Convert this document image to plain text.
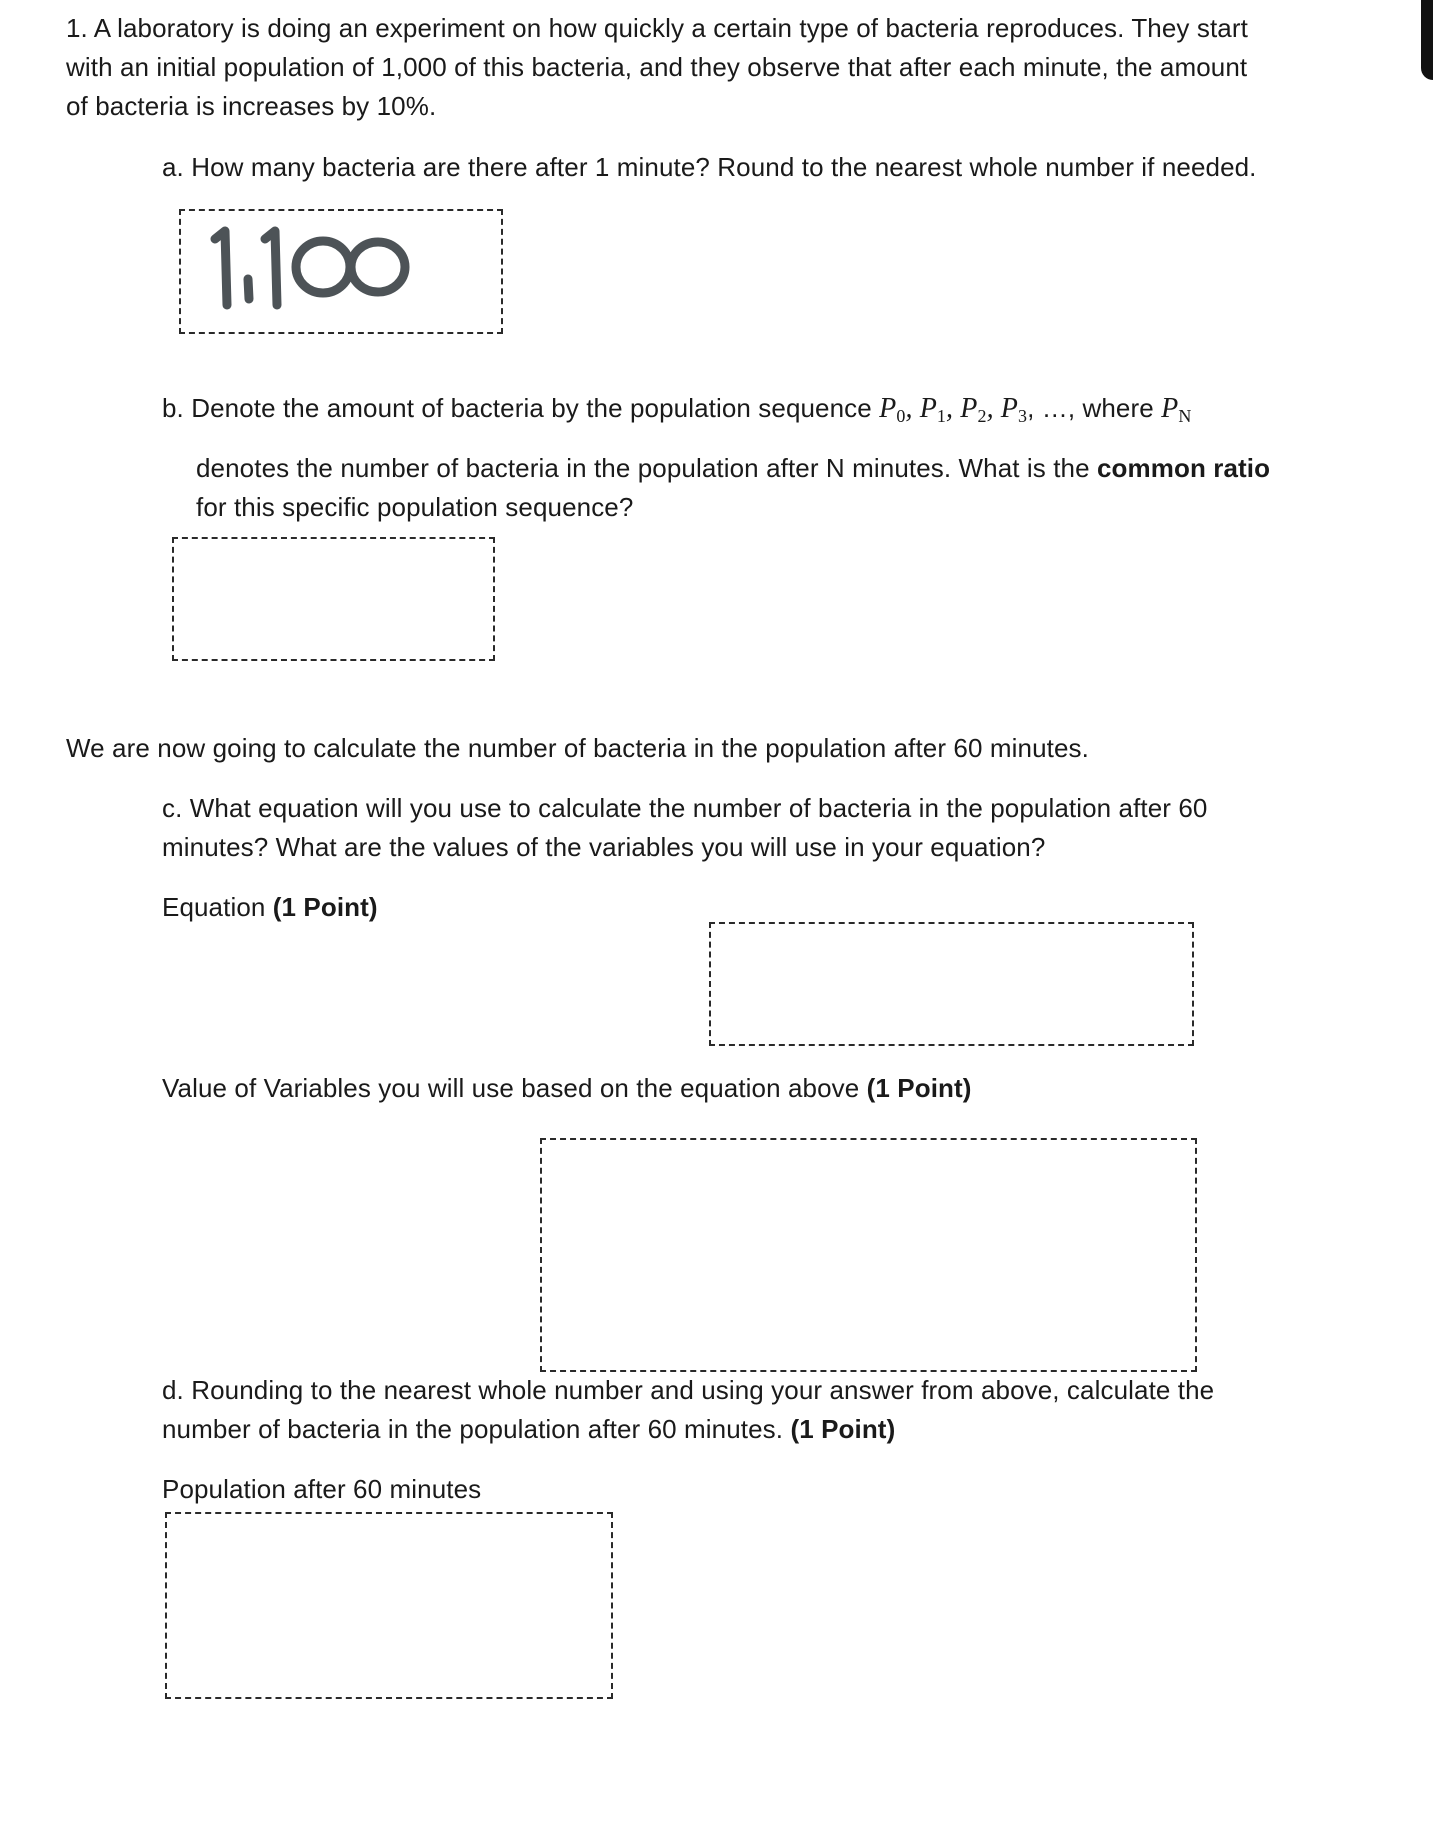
1. A laboratory is doing an experiment on how quickly a certain type of bacteria reproduces. They start
with an initial population of 1,000 of this bacteria, and they observe that after each minute, the amount
of bacteria is increases by 10%.
a. How many bacteria are there after 1 minute? Round to the nearest whole number if needed.
b. Denote the amount of bacteria by the population sequence $P_0$, $P_1$, $P_2$, $P_3$, …, where $P_N$
denotes the number of bacteria in the population after N minutes. What is the common ratio
for this specific population sequence?
We are now going to calculate the number of bacteria in the population after 60 minutes.
c. What equation will you use to calculate the number of bacteria in the population after 60
minutes? What are the values of the variables you will use in your equation?
Equation (1 Point)
Value of Variables you will use based on the equation above (1 Point)
d. Rounding to the nearest whole number and using your answer from above, calculate the
number of bacteria in the population after 60 minutes. (1 Point)
Population after 60 minutes
